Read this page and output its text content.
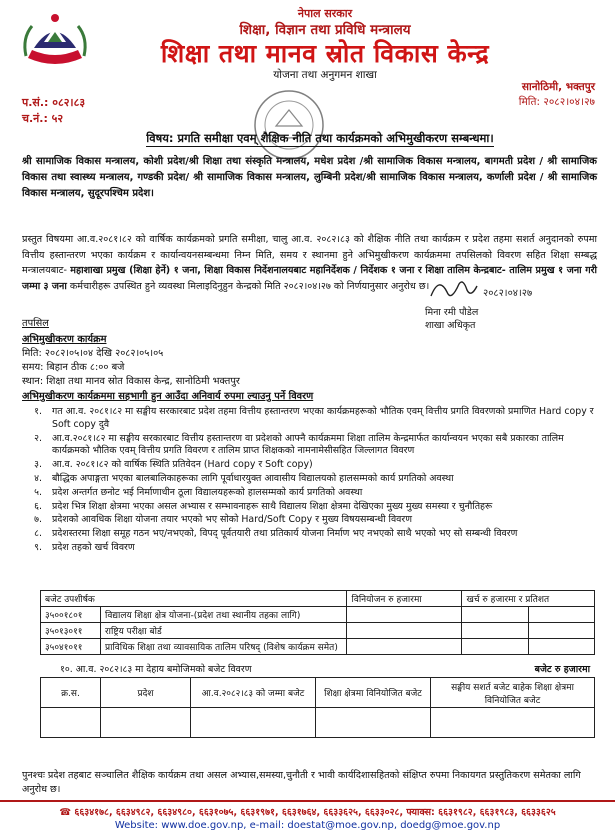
नेपाल सरकार
शिक्षा, विज्ञान तथा प्रविधि मन्त्रालय
शिक्षा तथा मानव स्रोत विकास केन्द्र
योजना तथा अनुगमन शाखा
सानोठिमी, भक्तपुर
मिति: २०८२।०४।२७
प.सं.: ०८२।८३
च.नं.: ५२
विषय: प्रगति समीक्षा एवम् शैक्षिक नीति तथा कार्यक्रमको अभिमुखीकरण सम्बन्धमा।
श्री सामाजिक विकास मन्त्रालय, कोशी प्रदेश/श्री शिक्षा तथा संस्कृति मन्त्रालय, मधेश प्रदेश /श्री सामाजिक विकास मन्त्रालय, बागमती प्रदेश / श्री सामाजिक विकास तथा स्वास्थ्य मन्त्रालय, गण्डकी प्रदेश/ श्री सामाजिक विकास मन्त्रालय, लुम्बिनी प्रदेश/श्री सामाजिक विकास मन्त्रालय, कर्णाली प्रदेश / श्री सामाजिक विकास मन्त्रालय, सुदूरपश्चिम प्रदेश।
प्रस्तुत विषयमा आ.व.२०८१।८२ को वार्षिक कार्यक्रमको प्रगति समीक्षा, चालु आ.व. २०८२।८३ को शैक्षिक नीति तथा कार्यक्रम र प्रदेश तहमा सशर्त अनुदानको रुपमा वित्तीय हस्तान्तरण भएका कार्यक्रम र कार्यान्वयनसम्बन्धमा निम्न मिति, समय र स्थानमा हुने अभिमुखीकरण कार्यक्रममा तपसिलको विवरण सहित शिक्षा सम्बद्ध मन्त्रालयबाट- महाशाखा प्रमुख (शिक्षा हेर्ने) १ जना, शिक्षा विकास निर्देशनालयबाट महानिर्देशक / निर्देशक १ जना र शिक्षा तालिम केन्द्रबाट- तालिम प्रमुख १ जना गरी जम्मा ३ जना कर्मचारीहरू उपस्थित हुने व्यवस्था मिलाइदिनुहुन केन्द्रको मिति २०८२।०४।२७ को निर्णयानुसार अनुरोध छ।
२०८२।०४।२७
मिना रमी पौडेल
शाखा अधिकृत
तपसिल
अभिमुखीकरण कार्यक्रम
मिति: २०८२।०५।०४ देखि २०८२।०५।०५
समय: बिहान ठीक ८:०० बजे
स्थान: शिक्षा तथा मानव स्रोत विकास केन्द्र, सानोठिमी भक्तपुर
अभिमुखीकरण कार्यक्रममा सहभागी हुन आउँदा अनिवार्य रुपमा ल्याउनु पर्ने विवरण
१.	गत आ.व. २०८१।८२ मा सङ्घीय सरकारबाट प्रदेश तहमा वित्तीय हस्तान्तरण भएका कार्यक्रमहरूको भौतिक एवम् वित्तीय प्रगति विवरणको प्रमाणित Hard copy र Soft copy दुवै
२.	आ.व.२०८१।८२ मा सङ्घीय सरकारबाट वित्तीय हस्तान्तरण वा प्रदेशको आफ्नै कार्यक्रममा शिक्षा तालिम केन्द्रमार्फत कार्यान्वयन भएका सबै प्रकारका तालिम कार्यक्रमको भौतिक एवम् वित्तीय प्रगति विवरण र तालिम प्राप्त शिक्षकको नामनामेसीसहित जिल्लागत विवरण
३.	आ.व. २०८१।८२ को वार्षिक स्थिति प्रतिवेदन (Hard copy र Soft copy)
४.	बौद्धिक अपाङ्गता भएका बालबालिकाहरूका लागि पूर्वाधारयुक्त आवासीय विद्यालयको हालसम्मको कार्य प्रगतिको अवस्था
५.	प्रदेश अन्तर्गत छनोट भई निर्माणाधीन ठूला विद्यालयहरूको हालसम्मको कार्य प्रगतिको अवस्था
६.	प्रदेश भित्र शिक्षा क्षेत्रमा भएका असल अभ्यास र सम्भावनाहरू साथै विद्यालय शिक्षा क्षेत्रमा देखिएका मुख्य मुख्य समस्या र चुनौतिहरू
७.	प्रदेशको आवधिक शिक्षा योजना तयार भएको भए सोको Hard/Soft Copy र मुख्य विषयसम्बन्धी विवरण
८.	प्रदेशस्तरमा शिक्षा समूह गठन भए/नभएको, विपद् पूर्वतयारी तथा प्रतिकार्य योजना निर्माण भए नभएको साथै भएको भए सो सम्बन्धी विवरण
९.	प्रदेश तहको खर्च विवरण
बजेट उपशीर्षक		विनियोजन रु हजारमा	खर्च रु हजारमा र प्रतिशत	
३५००१८०१	विद्यालय शिक्षा क्षेत्र योजना-(प्रदेश तथा स्थानीय तहका लागि)			
३५०१३०११	राष्ट्रिय परीक्षा बोर्ड			
३५०४१०११	प्राविधिक शिक्षा तथा व्यावसायिक तालिम परिषद् (विशेष कार्यक्रम समेत)			
१०. आ.व. २०८२।८३ मा देहाय बमोजिमको बजेट विवरण	बजेट रु हजारमा
क्र.स.	प्रदेश	आ.व.२०८२।८३ को जम्मा बजेट	शिक्षा क्षेत्रमा विनियोजित बजेट	सङ्घीय सशर्त बजेट बाहेक शिक्षा क्षेत्रमा विनियोजित बजेट

पुनश्चः प्रदेश तहबाट सञ्चालित शैक्षिक कार्यक्रम तथा असल अभ्यास,समस्या,चुनौती र भावी कार्यदिशासहितको संक्षिप्त रुपमा निकायगत प्रस्तुतिकरण समेतका लागि अनुरोध छ।
☎ ६६३४१७८, ६६३४९८२, ६६३४९८०, ६६३१०७५, ६६३१९७१, ६६३१७६४, ६६३३६२५, ६६३३०२८, फ्याक्स: ६६३१९८२, ६६३१९८३, ६६३३६२५
Website: www.doe.gov.np, e-mail: doestat@moe.gov.np, doedg@moe.gov.np
